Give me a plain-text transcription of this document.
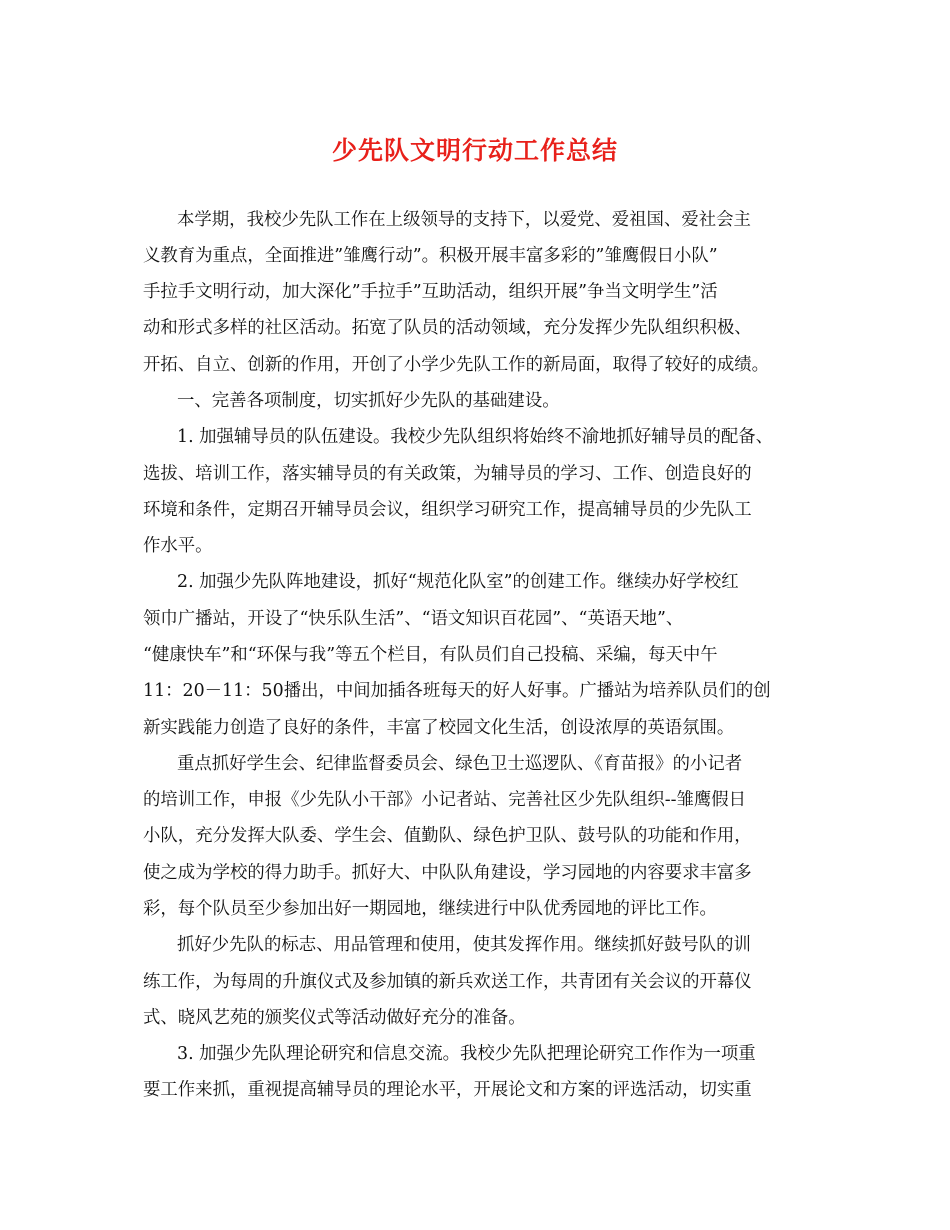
少先队文明行动工作总结
本学期，我校少先队工作在上级领导的支持下，以爱党、爱祖国、爱社会主
义教育为重点，全面推进”雏鹰行动”。积极开展丰富多彩的”雏鹰假日小队”
手拉手文明行动，加大深化”手拉手”互助活动，组织开展”争当文明学生”活
动和形式多样的社区活动。拓宽了队员的活动领域，充分发挥少先队组织积极、
开拓、自立、创新的作用，开创了小学少先队工作的新局面，取得了较好的成绩。
一、完善各项制度，切实抓好少先队的基础建设。
1. 加强辅导员的队伍建设。我校少先队组织将始终不渝地抓好辅导员的配备、
选拔、培训工作，落实辅导员的有关政策，为辅导员的学习、工作、创造良好的
环境和条件，定期召开辅导员会议，组织学习研究工作，提高辅导员的少先队工
作水平。
2. 加强少先队阵地建设，抓好“规范化队室”的创建工作。继续办好学校红
领巾广播站，开设了“快乐队生活”、“语文知识百花园”、“英语天地”、
“健康快车”和“环保与我”等五个栏目，有队员们自己投稿、采编，每天中午
11：20－11：50播出，中间加插各班每天的好人好事。广播站为培养队员们的创
新实践能力创造了良好的条件，丰富了校园文化生活，创设浓厚的英语氛围。
重点抓好学生会、纪律监督委员会、绿色卫士巡逻队、《育苗报》的小记者
的培训工作，申报《少先队小干部》小记者站、完善社区少先队组织--雏鹰假日
小队，充分发挥大队委、学生会、值勤队、绿色护卫队、鼓号队的功能和作用，
使之成为学校的得力助手。抓好大、中队队角建设，学习园地的内容要求丰富多
彩，每个队员至少参加出好一期园地，继续进行中队优秀园地的评比工作。
抓好少先队的标志、用品管理和使用，使其发挥作用。继续抓好鼓号队的训
练工作，为每周的升旗仪式及参加镇的新兵欢送工作，共青团有关会议的开幕仪
式、晓风艺苑的颁奖仪式等活动做好充分的准备。
3. 加强少先队理论研究和信息交流。我校少先队把理论研究工作作为一项重
要工作来抓，重视提高辅导员的理论水平，开展论文和方案的评选活动，切实重
